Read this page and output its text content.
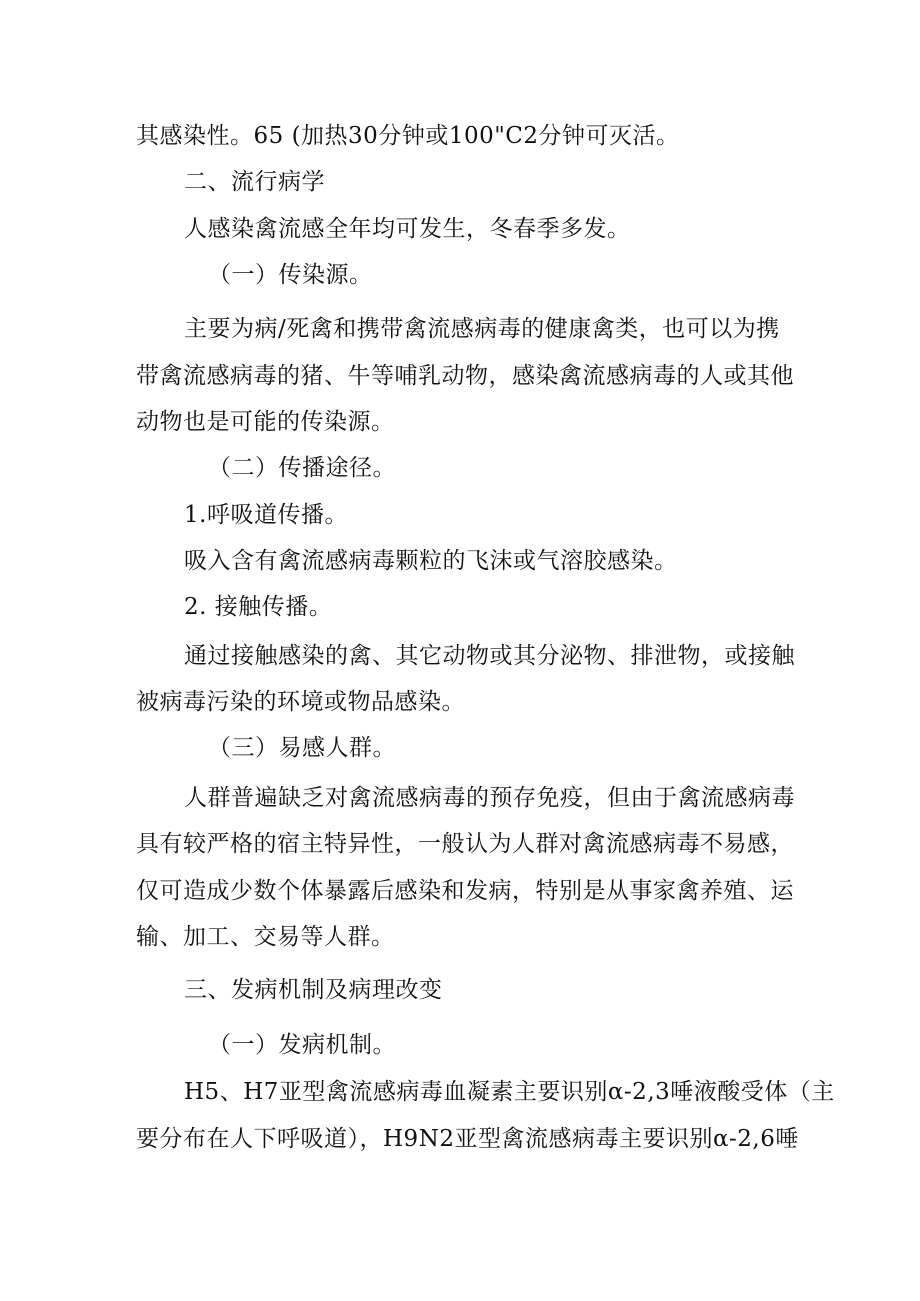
其感染性。65 (加热30分钟或100"C2分钟可灭活。
二、流行病学
人感染禽流感全年均可发生，冬春季多发。
（一）传染源。
主要为病/死禽和携带禽流感病毒的健康禽类，也可以为携
带禽流感病毒的猪、牛等哺乳动物，感染禽流感病毒的人或其他
动物也是可能的传染源。
（二）传播途径。
1.呼吸道传播。
吸入含有禽流感病毒颗粒的飞沫或气溶胶感染。
2. 接触传播。
通过接触感染的禽、其它动物或其分泌物、排泄物，或接触
被病毒污染的环境或物品感染。
（三）易感人群。
人群普遍缺乏对禽流感病毒的预存免疫，但由于禽流感病毒
具有较严格的宿主特异性，一般认为人群对禽流感病毒不易感，
仅可造成少数个体暴露后感染和发病，特别是从事家禽养殖、运
输、加工、交易等人群。
三、发病机制及病理改变
（一）发病机制。
H5、H7亚型禽流感病毒血凝素主要识别α-2,3唾液酸受体（主
要分布在人下呼吸道），H9N2亚型禽流感病毒主要识别α-2,6唾
